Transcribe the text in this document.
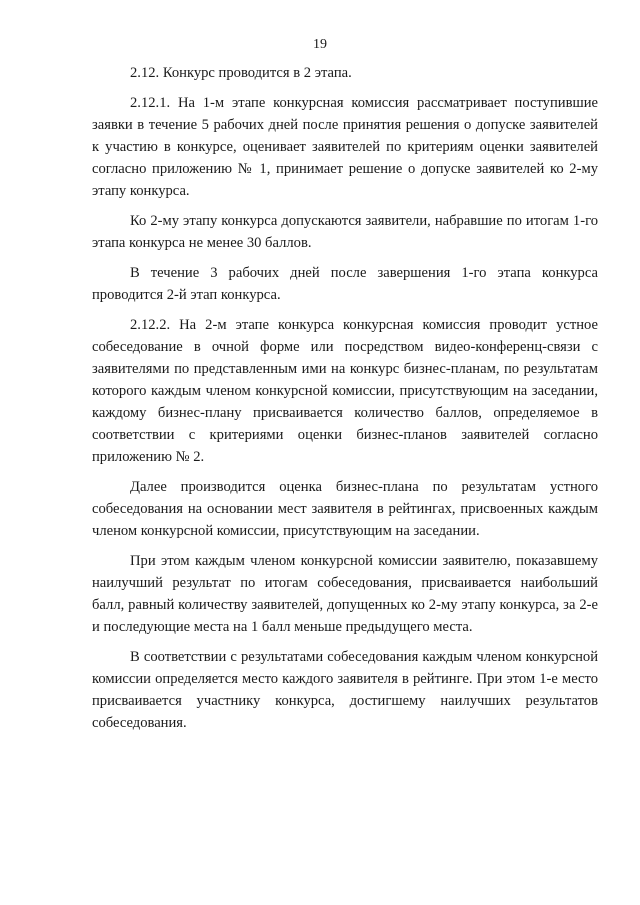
19

2.12. Конкурс проводится в 2 этапа.

2.12.1. На 1-м этапе конкурсная комиссия рассматривает поступившие заявки в течение 5 рабочих дней после принятия решения о допуске заявителей к участию в конкурсе, оценивает заявителей по критериям оценки заявителей согласно приложению № 1, принимает решение о допуске заявителей ко 2-му этапу конкурса.

Ко 2-му этапу конкурса допускаются заявители, набравшие по итогам 1-го этапа конкурса не менее 30 баллов.

В течение 3 рабочих дней после завершения 1-го этапа конкурса проводится 2-й этап конкурса.

2.12.2. На 2-м этапе конкурса конкурсная комиссия проводит устное собеседование в очной форме или посредством видео-конференц-связи с заявителями по представленным ими на конкурс бизнес-планам, по результатам которого каждым членом конкурсной комиссии, присутствующим на заседании, каждому бизнес-плану присваивается количество баллов, определяемое в соответствии с критериями оценки бизнес-планов заявителей согласно приложению № 2.

Далее производится оценка бизнес-плана по результатам устного собеседования на основании мест заявителя в рейтингах, присвоенных каждым членом конкурсной комиссии, присутствующим на заседании.

При этом каждым членом конкурсной комиссии заявителю, показавшему наилучший результат по итогам собеседования, присваивается наибольший балл, равный количеству заявителей, допущенных ко 2-му этапу конкурса, за 2-е и последующие места на 1 балл меньше предыдущего места.

В соответствии с результатами собеседования каждым членом конкурсной комиссии определяется место каждого заявителя в рейтинге. При этом 1-е место присваивается участнику конкурса, достигшему наилучших результатов собеседования.
